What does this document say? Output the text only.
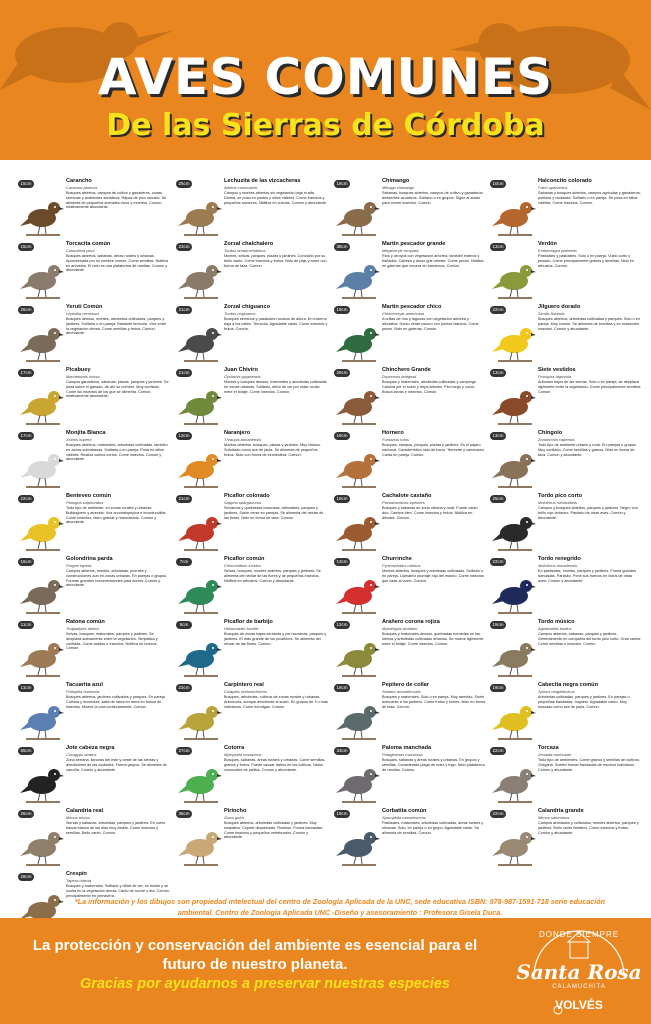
AVES COMUNES
De las Sierras de Córdoba
15cm	Carancho
Caracara plancus
Bosques abiertos, campos de cultivo y ganaderos, zonas serranas y ambientes acuáticos. Rapaz de pico robusto. Se alimenta de pequeños animales vivos y muertos. Común, relativamente abundante.
15cm	Torcacita común
Columbina picui
Bosques abiertos, sabanas, áreas rurales y urbanas. Aprovechada por su nombre común. Come semillas. Nidifica en arbustos. El nido es una plataforma de ramitas. Común y abundante.
26cm	Yerutí Común
Leptotila verreauxi
Bosques densos, montes, arboledas cultivadas, parques y jardines. Solitaria o en pareja. Bastante terrícola. Vive entre la vegetación densa. Come semillas y frutos. Común, abundante.
17cm	Picabuey
Machetornis rixosa
Campos ganaderos, sabanas, plazas, parques y jardines. Se posa sobre el ganado, de ahí su nombre. Muy confiado. Come los insectos de los que se alimenta. Común, relativamente abundante.
17cm	Monjita Blanca
Xolmis irupero
Bosques abiertos, matorrales, arboledas cultivadas, también en zonas suburbanas. Solitaria o en pareja. Posa en sitios visibles. Realiza vuelos cortos. Come insectos. Común y abundante.
22cm	Benteveo común
Pitangus sulphuratus
Todo tipo de ambiente, en zonas rurales y urbanas. Bullanguero y atrevido. Voz onomatopéyica e inconfundible. Come insectos, hidro grande y redondeado. Común y abundante.
16cm	Golondrina parda
Progne tapera
Campos abiertos, montes, arboledas, puentes y construcciones aún en zonas urbanas. En parejas o grupos. Forman grandes concentraciones para dormir. Común y abundante.
11cm	Ratona común
Troglodytes aedon
Selvas, bosques, matorrales, parques y jardines. Se desplaza activamente entre la vegetación. Simpática y confiada. Come arañas e insectos. Nidifica en huecos. Común.
11cm	Tacuarita azul
Polioptila dumicola
Bosques abiertos, jardines cultivados y parques. En pareja. Curiosa y movediza, salta de rama en rama en busca de insectos. Mueve la cola continuamente. Común.
65cm	Jote cabeza negra
Coragyps atratus
Zona serrana, llanuras del este y oeste de las sierras y alrededores de las ciudades. Forma grupos. Se alimenta de carroña. Común y abundante.
26cm	Calandria real
Mimus triurus
Sierras y sabanas, arboledas, parques y jardines. En vuelo banda blanca de las alas muy visible. Come insectos y semillas. Bello canto. Común.
28cm	Crespín
Tapera naevia
Bosques y matorrales. Solitario y difícil de ver, es tímido y se oculta en la vegetación densa. Canto de noche y día. Común, principalmente en primavera.
25cm	Lechuzita de las vizcacheras
Athene cunicularia
Campos y montes abiertos sin vegetación baja ni alta. Diurna, se posa en postes y sitios visibles. Come insectos y pequeños roedores. Nidifica en cuevas. Común y abundante.
23cm	Zorzal chalchalero
Turdus amaurochalinus
Montes, selvas, parques, plazas y jardines. Conocido por su bello canto. Come insectos y frutos. Nido de paja y barro con forma de taza. Común.
21cm	Zorzal chiguanco
Turdus chiguanco
Bosques serranos y pastizales rocosos de altura. En invierno baja a los valles. Terrícola. Agradable canto. Come insectos y frutos. Común.
21cm	Juan Chiviro
Cyclarhis gujanensis
Montes y bosques densos, matorrales y arboledas cultivadas en zonas urbanas. Solitario, difícil de ver por estar oculto entre el follaje. Come insectos. Común.
13cm	Naranjero
Thraupis bonariensis
Montes abiertos, bosques, plazas y jardines. Muy vistoso. Solicitado como ave de jaula. Se alimenta de pequeños frutos. Nido con forma de semiesfera. Común.
21cm	Picaflor colorado
Sappho sparganurus
Serranías y quebradas boscosas, arbustales, parques y jardines. Suele verse en parejas. Se alimenta del néctar de las flores. Nido en forma de taza. Común.
7cm	Picaflor común
Chlorostilbon lucidus
Selvas, bosques, montes abiertos, parques y jardines. Se alimenta del néctar de las flores y de pequeños insectos. Nidifica en arbustos. Común y abundante.
8cm	Picaflor de barbijo
Heliomaster furcifer
Bosques de zonas bajas serranas y peri serranas, parques y jardines. El más grande de los picaflores. Se alimenta del néctar de las flores. Común.
23cm	Carpintero real
Colaptes melanochloros
Bosques, arboledas, cultivos de zonas rurales y urbanas. Arborícola, aunque desciende al suelo. En grupos de 3 o más individuos. Come hormigas. Común.
27cm	Cotorra
Myiopsitta monachus
Bosques, sabanas, áreas rurales y urbanas. Come semillas, granos y frutos. Puede causar daños en los cultivos. Nidos comunales de palitos. Común y abundante.
36cm	Pirincho
Guira guira
Bosques abiertos, arboledas cultivadas y jardines. Muy simpático. Copete despeinado. Ruidoso. Forma bandadas. Come insectos y pequeños vertebrados. Común y abundante.
18cm	Chimango
Milvago chimango
Sabanas, bosques abiertos, campos de cultivo y ganaderos, ambientes acuáticos. Solitario o en grupos. Sigue al arado para comer insectos. Común.
38cm	Martín pescador grande
Megaceryle torquata
Ríos y arroyos con vegetación arbórea, también esteros y bañados. Cabeza y dorso gris celeste. Come peces. Nidifica en galerías que excava en barrancos. Común.
19cm	Martín pescador chico
Chloroceryle americana
A orillas de ríos y lagunas con vegetación arbórea y arbustiva. Dorso verde oscuro con puntos blancos. Come peces. Nido en galerías. Común.
26cm	Chinchero Grande
Drymornis bridgesii
Bosques y matorrales, arboledas cultivadas y campings. Camina por el suelo y trepa árboles. Pico largo y curvo. Busca larvas e insectos. Común.
19cm	Hornero
Furnarius rufus
Bosques, campos, parques, plazas y jardines. Es el pájaro nacional. Característico nido de barro. Terrestre y caminador. Canta en pareja. Común.
19cm	Cachalote castaño
Pseudoseisura lophotes
Bosques y sabanas en zona urbana y rural. Fuerte canto dúo. Camina bien. Come insectos y frutos. Nidifica en árboles. Común.
13cm	Churrinche
Pyrocephalus rubinus
Montes abiertos, bosques y arboledas cultivadas. Solitario o en pareja. Llamativo plumaje rojo del macho. Come insectos que caza al vuelo. Común.
12cm	Araňero corona rojiza
Myiothlypis bivittata
Bosques y matorrales densos, quebradas húmedas en las sierras y arboledas cultivadas urbanas. Se mueve ágilmente entre el follaje. Come insectos. Común.
18cm	Pepitero de collar
Saltator aurantiirostris
Bosques y matorrales. Solo o en pareja. Muy atrevido. Suele acercarse a los jardines. Come frutos y brotes. Nido en forma de taza. Común.
33cm	Paloma manchada
Patagioenas maculosa
Bosques, sabanas y áreas rurales y urbanas. En grupos y semillas. Considerada plaga de maíz y trigo. Nido plataforma de ramitas. Común.
19cm	Corbatita común
Sporophila caerulescens
Pastizales, matorrales, arboledas cultivadas, áreas rurales y urbanas. Solo, en pareja o en grupo. Agradable canto. Se alimenta de semillas. Común.
10cm	Halconcito colorado
Falco sparverius
Sabanas y bosques abiertos, campos agrícolas y ganaderos, pueblos y ciudades. Solitario o en pareja. Se posa en sitios visibles. Come insectos. Común.
13cm	Verdón
Embernagra platensis
Pastizales y pastizales. Solo o en pareja. Vuelo corto y pesado. Come principalmente granos y semillas. Nido en arbustos. Común.
22cm	Jilguero dorado
Sicalis flaveola
Bosques abiertos, arboledas cultivadas y parques. Solo o en pareja. Muy común. Se alimenta de semillas y en ocasiones insectos. Común y abundante.
13cm	Siete vestidos
Poospiza nigrorufa
Arbustos bajos de las sierras. Solo o en pareja, se desplaza ágilmente entre la vegetación. Come principalmente semillas. Común.
13cm	Chingolo
Zonotrichia capensis
Todo tipo de ambiente urbano y rural. En parejas o grupos. Muy confiado. Come semillas y granos. Nido en forma de taza. Común y abundante.
25cm	Tordo pico corto
Molothrus rufoaxillaris
Campos y bosques abiertos, parques y jardines. Negro con brillo rojo violáceo. Parásito de otras aves. Común y abundante.
22cm	Tordo renegrido
Molothrus bonariensis
En pastizales, montes, parques y jardines. Forma grandes bandadas. Parásito. Pone sus huevos en nidos de otras aves. Común y abundante.
19cm	Tordo músico
Agelaioides badius
Campos abiertos, sabanas, parques y jardines. Generalmente en compañía del tordo pico corto. Gran cantor. Come semillas e insectos. Común.
19cm	Cabecita negra común
Spinus magellanicus
Arboledas cultivadas, parques y jardines. En parejas o pequeñas bandadas. Inquieto. Agradable canto. Muy buscado como ave de jaula. Común.
22cm	Torcaza
Zenaida auriculata
Todo tipo de ambientes. Come granos y semillas de cultivos. Gregaria. Suelen formar bandadas de muchos individuos. Común y abundante.
22cm	Calandria grande
Mimus saturninus
Campos arbolados y cultivados, montes abiertos, parques y jardines. Bello canto imitativo. Come insectos y frutos. Común y abundante.
*La información y los dibujos son propiedad intelectual del centro de Zoología Aplicada de la UNC, sede educativa ISBN: 978-987-1591-718 serie educación ambiental. Centro de Zoología Aplicada UNC -Diseño y asesoramiento : Profesora Gisela Duca.
La protección y conservación del ambiente es esencial para el futuro de nuestro planeta.
Gracias por ayudarnos a preservar nuestras especies
DONDE SIEMPRE
Santa Rosa
CALAMUCHITA
VOLVÉS
